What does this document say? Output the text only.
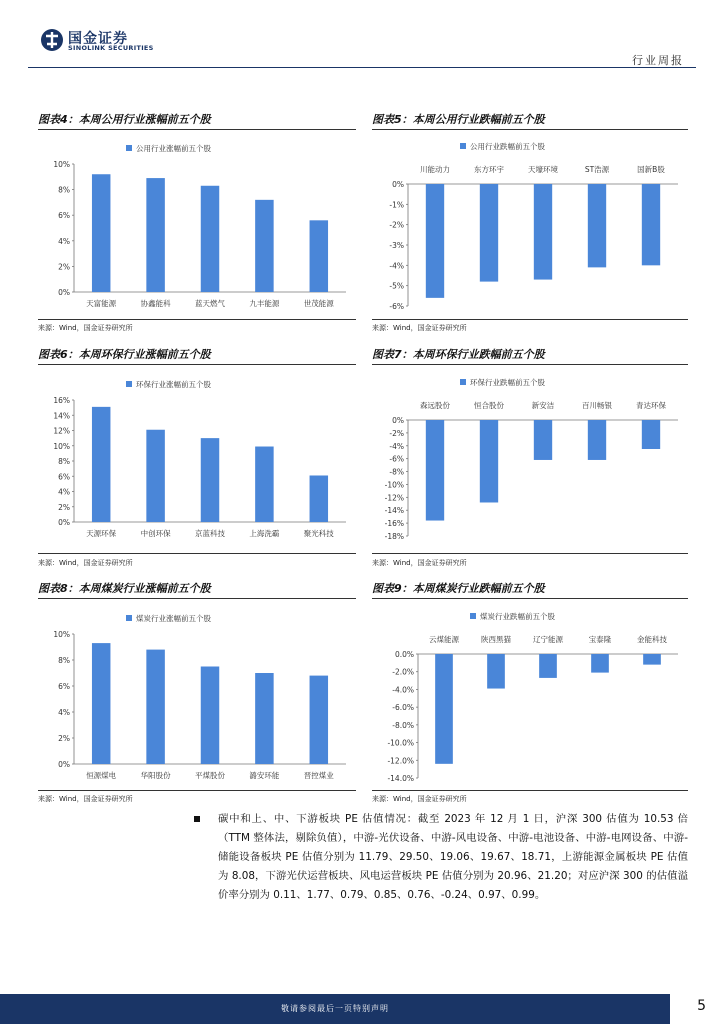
国金证券
SINOLINK SECURITIES
行业周报
图表4：本周公用行业涨幅前五个股
公用行业涨幅前五个股
0%
2%
4%
6%
8%
10%
天富能源	协鑫能科	蓝天燃气	九丰能源	世茂能源
来源：Wind，国金证券研究所
图表5：本周公用行业跌幅前五个股
公用行业跌幅前五个股
-6%
-5%
-4%
-3%
-2%
-1%
0%
川能动力	东方环宇	天壕环境	ST浩源	国新B股
来源：Wind，国金证券研究所
图表6：本周环保行业涨幅前五个股
环保行业涨幅前五个股
0%
2%
4%
6%
8%
10%
12%
14%
16%
天源环保	中创环保	京蓝科技	上海洗霸	聚光科技
来源：Wind，国金证券研究所
图表7：本周环保行业跌幅前五个股
环保行业跌幅前五个股
-18%
-16%
-14%
-12%
-10%
-8%
-6%
-4%
-2%
0%
森远股份	恒合股份	新安洁	百川畅银	青达环保
来源：Wind，国金证券研究所
图表8：本周煤炭行业涨幅前五个股
煤炭行业涨幅前五个股
0%
2%
4%
6%
8%
10%
恒源煤电	华阳股份	平煤股份	潞安环能	晋控煤业
来源：Wind，国金证券研究所
图表9：本周煤炭行业跌幅前五个股
煤炭行业跌幅前五个股
-14.0%
-12.0%
-10.0%
-8.0%
-6.0%
-4.0%
-2.0%
0.0%
云煤能源	陕西黑猫	辽宁能源	宝泰隆	金能科技
来源：Wind，国金证券研究所
碳中和上、中、下游板块 PE 估值情况：截至 2023 年 12 月 1 日，沪深 300 估值为 10.53 倍（TTM 整体法，剔除负值），中游-光伏设备、中游-风电设备、中游-电池设备、中游-电网设备、中游-储能设备板块 PE 估值分别为 11.79、29.50、19.06、19.67、18.71，上游能源金属板块 PE 估值为 8.08，下游光伏运营板块、风电运营板块 PE 估值分别为 20.96、21.20；对应沪深 300 的估值溢价率分别为 0.11、1.77、0.79、0.85、0.76、-0.24、0.97、0.99。
敬请参阅最后一页特别声明	5
